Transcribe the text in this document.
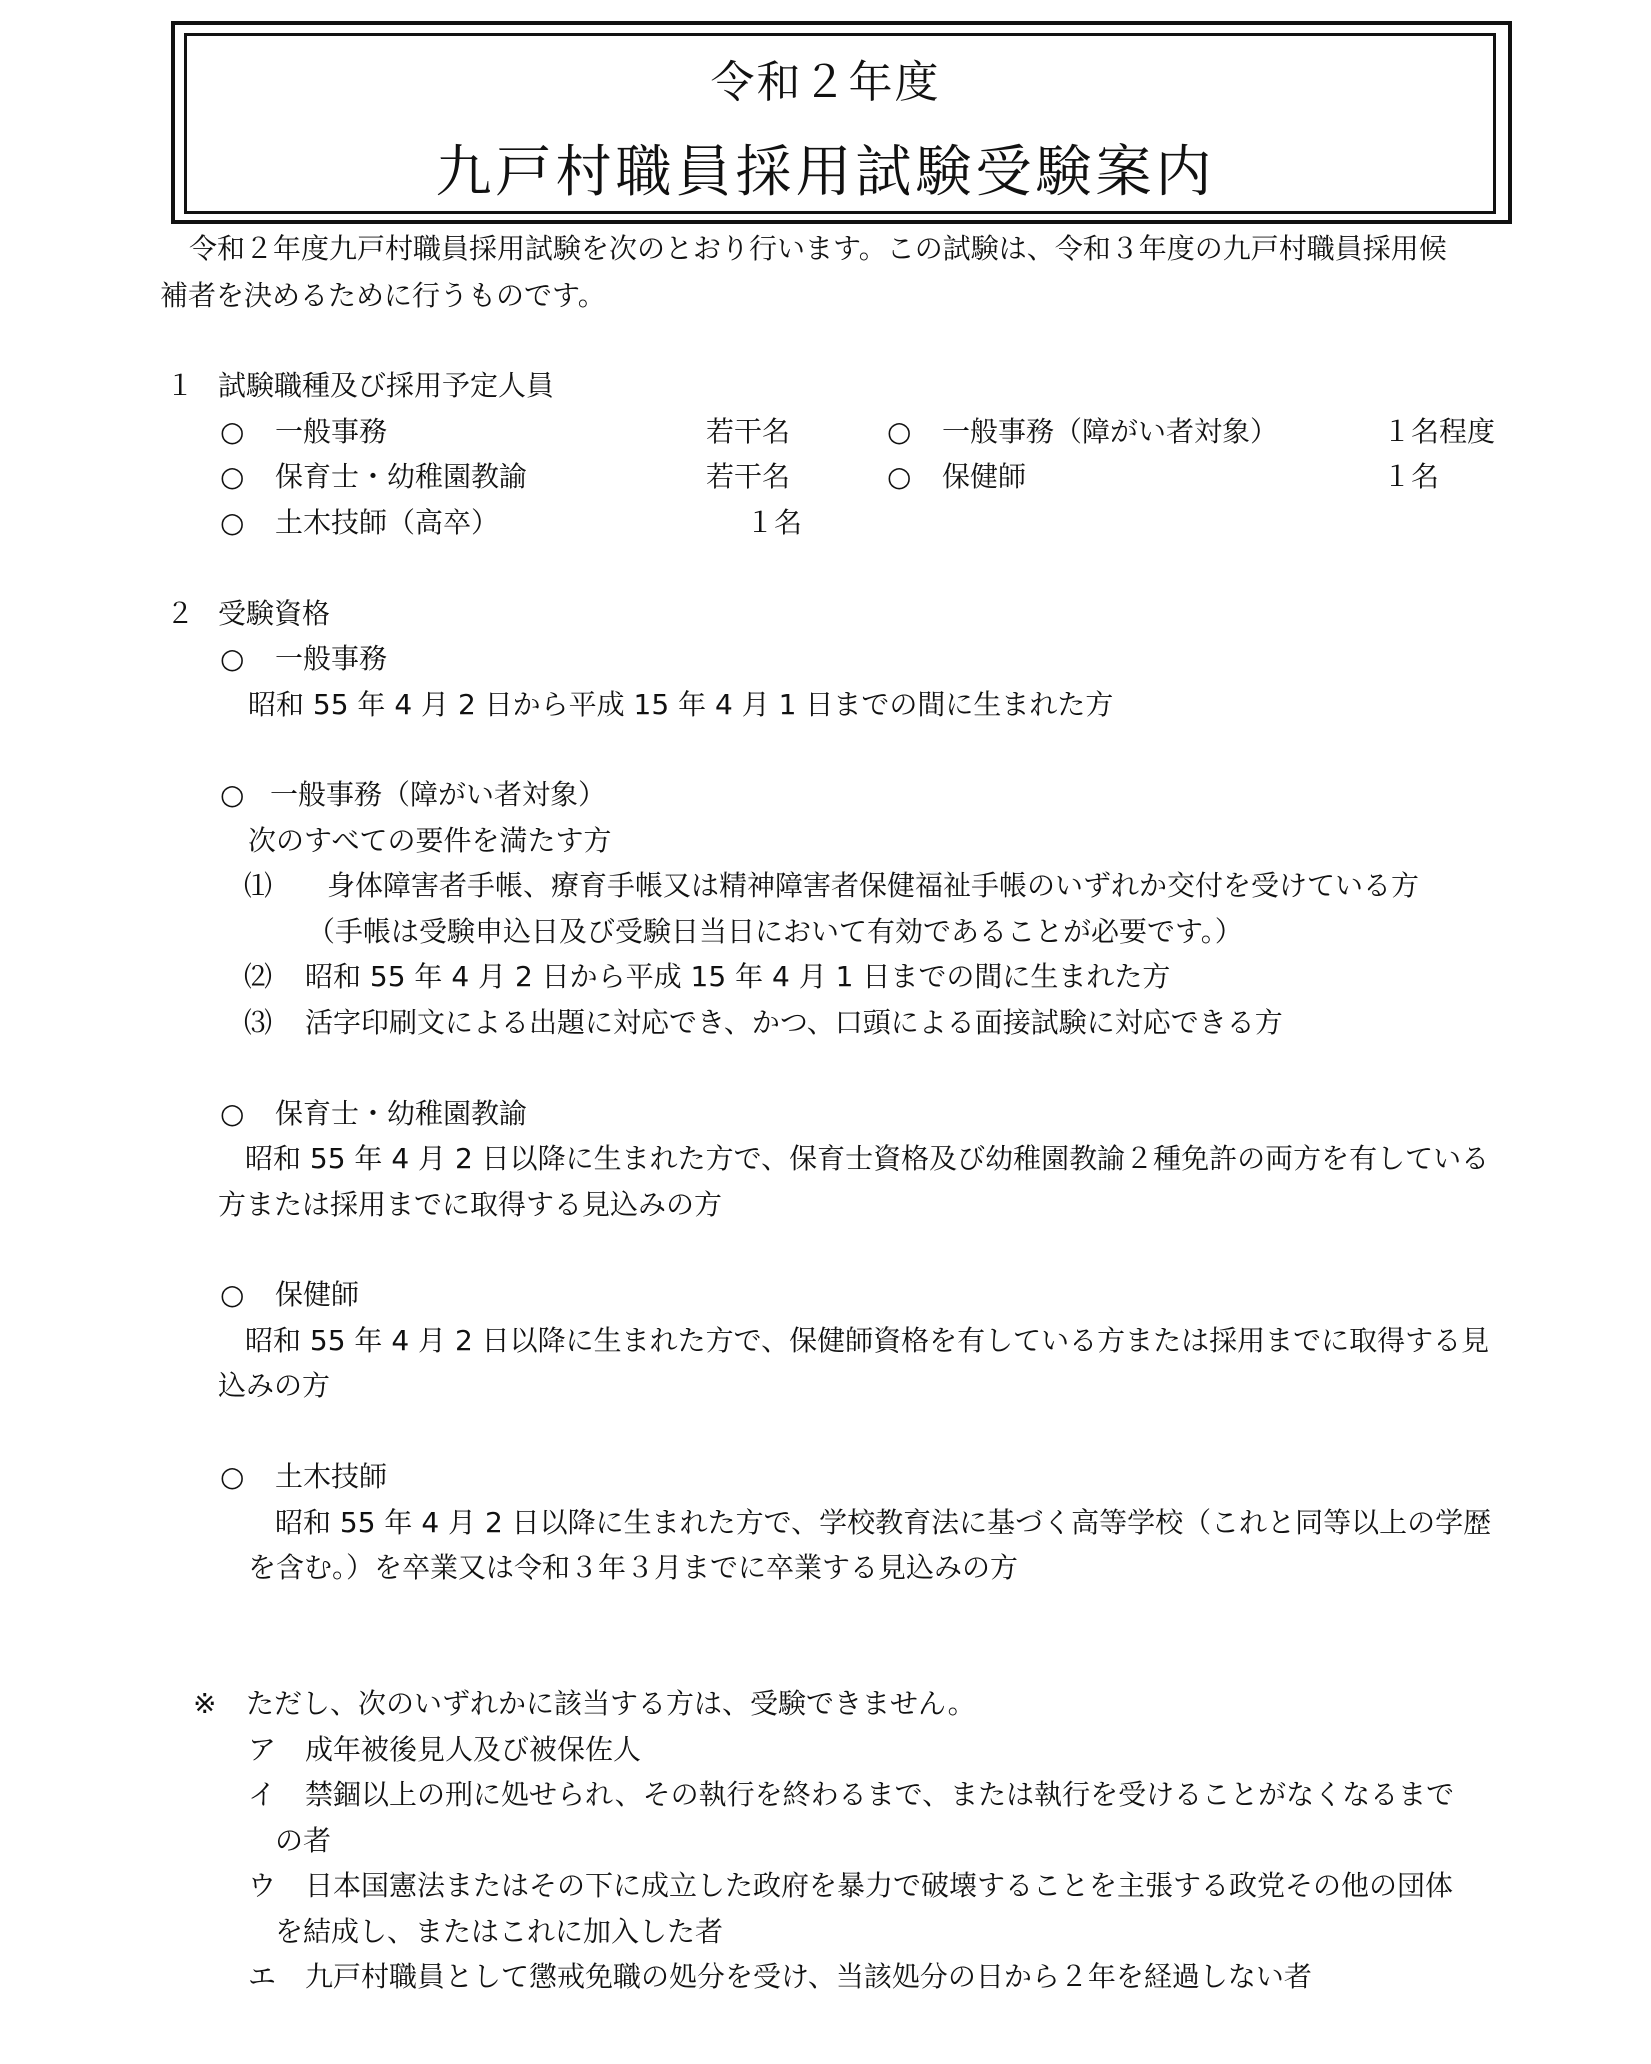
令和２年度
九戸村職員採用試験受験案内
令和２年度九戸村職員採用試験を次のとおり行います。この試験は、令和３年度の九戸村職員採用候
補者を決めるために行うものです。
１ 試験職種及び採用予定人員
○ 一般事務	若干名
○ 保育士・幼稚園教諭	若干名
○ 土木技師（高卒）	１名
○ 一般事務（障がい者対象）	１名程度
○ 保健師	１名
２ 受験資格
○ 一般事務
昭和 55 年 4 月 2 日から平成 15 年 4 月 1 日までの間に生まれた方
○ 一般事務（障がい者対象）
次のすべての要件を満たす方
⑴ 身体障害者手帳、療育手帳又は精神障害者保健福祉手帳のいずれか交付を受けている方
（手帳は受験申込日及び受験日当日において有効であることが必要です。）
⑵ 昭和 55 年 4 月 2 日から平成 15 年 4 月 1 日までの間に生まれた方
⑶ 活字印刷文による出題に対応でき、かつ、口頭による面接試験に対応できる方
○ 保育士・幼稚園教諭
昭和 55 年 4 月 2 日以降に生まれた方で、保育士資格及び幼稚園教諭２種免許の両方を有している
方または採用までに取得する見込みの方
○ 保健師
昭和 55 年 4 月 2 日以降に生まれた方で、保健師資格を有している方または採用までに取得する見
込みの方
○ 土木技師
昭和 55 年 4 月 2 日以降に生まれた方で、学校教育法に基づく高等学校（これと同等以上の学歴
を含む。）を卒業又は令和３年３月までに卒業する見込みの方
※ ただし、次のいずれかに該当する方は、受験できません。
ア 成年被後見人及び被保佐人
イ 禁錮以上の刑に処せられ、その執行を終わるまで、または執行を受けることがなくなるまで
の者
ウ 日本国憲法またはその下に成立した政府を暴力で破壊することを主張する政党その他の団体
を結成し、またはこれに加入した者
エ 九戸村職員として懲戒免職の処分を受け、当該処分の日から２年を経過しない者
